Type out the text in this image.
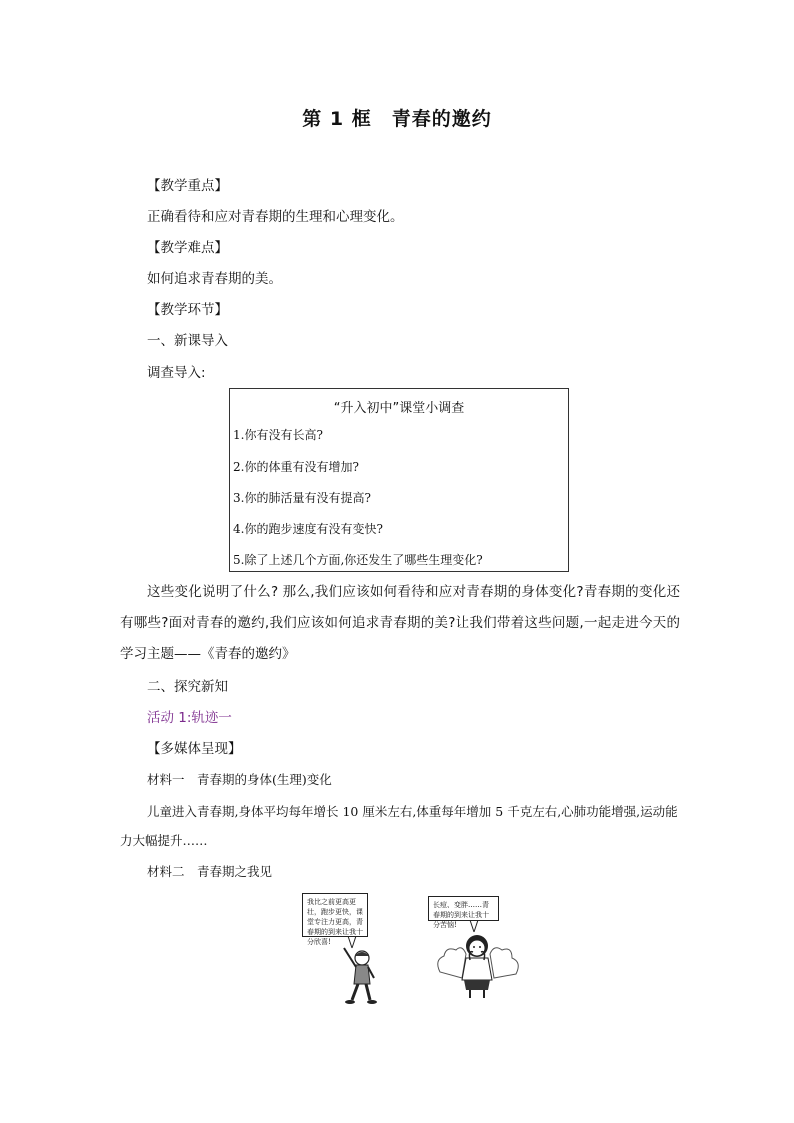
第 1 框　青春的邀约
【教学重点】
正确看待和应对青春期的生理和心理变化。
【教学难点】
如何追求青春期的美。
【教学环节】
一、新课导入
调查导入:
“升入初中”课堂小调查
1.你有没有长高?
2.你的体重有没有增加?
3.你的肺活量有没有提高?
4.你的跑步速度有没有变快?
5.除了上述几个方面,你还发生了哪些生理变化?
这些变化说明了什么? 那么,我们应该如何看待和应对青春期的身体变化?青春期的变化还有哪些?面对青春的邀约,我们应该如何追求青春期的美?让我们带着这些问题,一起走进今天的学习主题——《青春的邀约》
二、探究新知
活动 1:轨迹一
【多媒体呈现】
材料一　青春期的身体(生理)变化
儿童进入青春期,身体平均每年增长 10 厘米左右,体重每年增加 5 千克左右,心肺功能增强,运动能力大幅提升……
材料二　青春期之我见
我比之前更高更壮，跑步更快，课堂专注力更高，青春期的到来让我十分欣喜!
长痘、变胖……青春期的到来让我十分苦恼!
